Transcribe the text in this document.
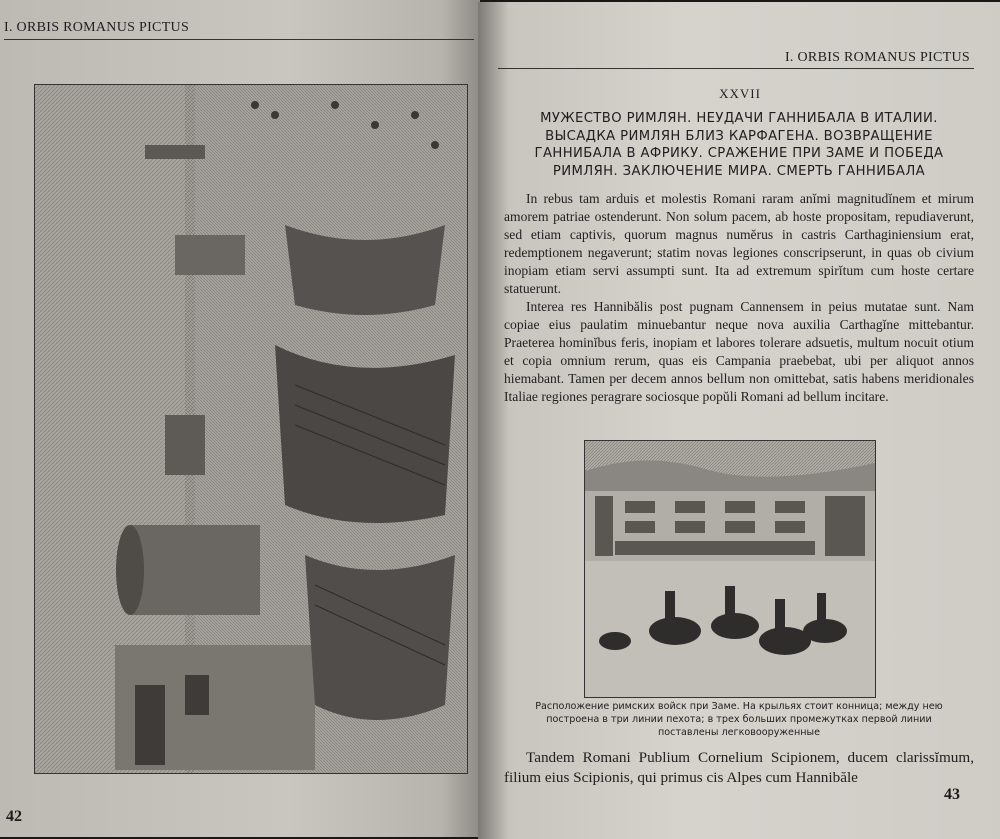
I. ORBIS ROMANUS PICTUS
42
I. ORBIS ROMANUS PICTUS
XXVII
МУЖЕСТВО РИМЛЯН. НЕУДАЧИ ГАННИБАЛА В ИТАЛИИ.
ВЫСАДКА РИМЛЯН БЛИЗ КАРФАГЕНА. ВОЗВРАЩЕНИЕ
ГАННИБАЛА В АФРИКУ. СРАЖЕНИЕ ПРИ ЗАМЕ И ПОБЕДА
РИМЛЯН. ЗАКЛЮЧЕНИЕ МИРА. СМЕРТЬ ГАННИБАЛА

In rebus tam arduis et molestis Romani raram anĭmi magnitudĭnem et mirum amorem patriae ostenderunt. Non solum pacem, ab hoste propositam, repudiaverunt, sed etiam captivis, quorum magnus numĕrus in castris Carthaginiensium erat, redemptionem negaverunt; statim novas legiones conscripserunt, in quas ob civium inopiam etiam servi assumpti sunt. Ita ad extremum spirĭtum cum hoste certare statuerunt.

Interea res Hannibălis post pugnam Cannensem in peius mutatae sunt. Nam copiae eius paulatim minuebantur neque nova auxilia Carthagĭne mittebantur. Praeterea hominĭbus feris, inopiam et labores tolerare adsuetis, multum nocuit otium et copia omnium rerum, quas eis Campania praebebat, ubi per aliquot annos hiemabant. Tamen per decem annos bellum non omittebat, satis habens meridionales Italiae regiones peragrare sociosque popŭli Romani ad bellum incitare.

Расположение римских войск при Заме. На крыльях стоит конница; между нею
построена в три линии пехота; в трех больших промежутках первой линии
поставлены легковооруженные

Tandem Romani Publium Cornelium Scipionem, ducem clarissĭmum, filium eius Scipionis, qui primus cis Alpes cum Hannibăle

43
